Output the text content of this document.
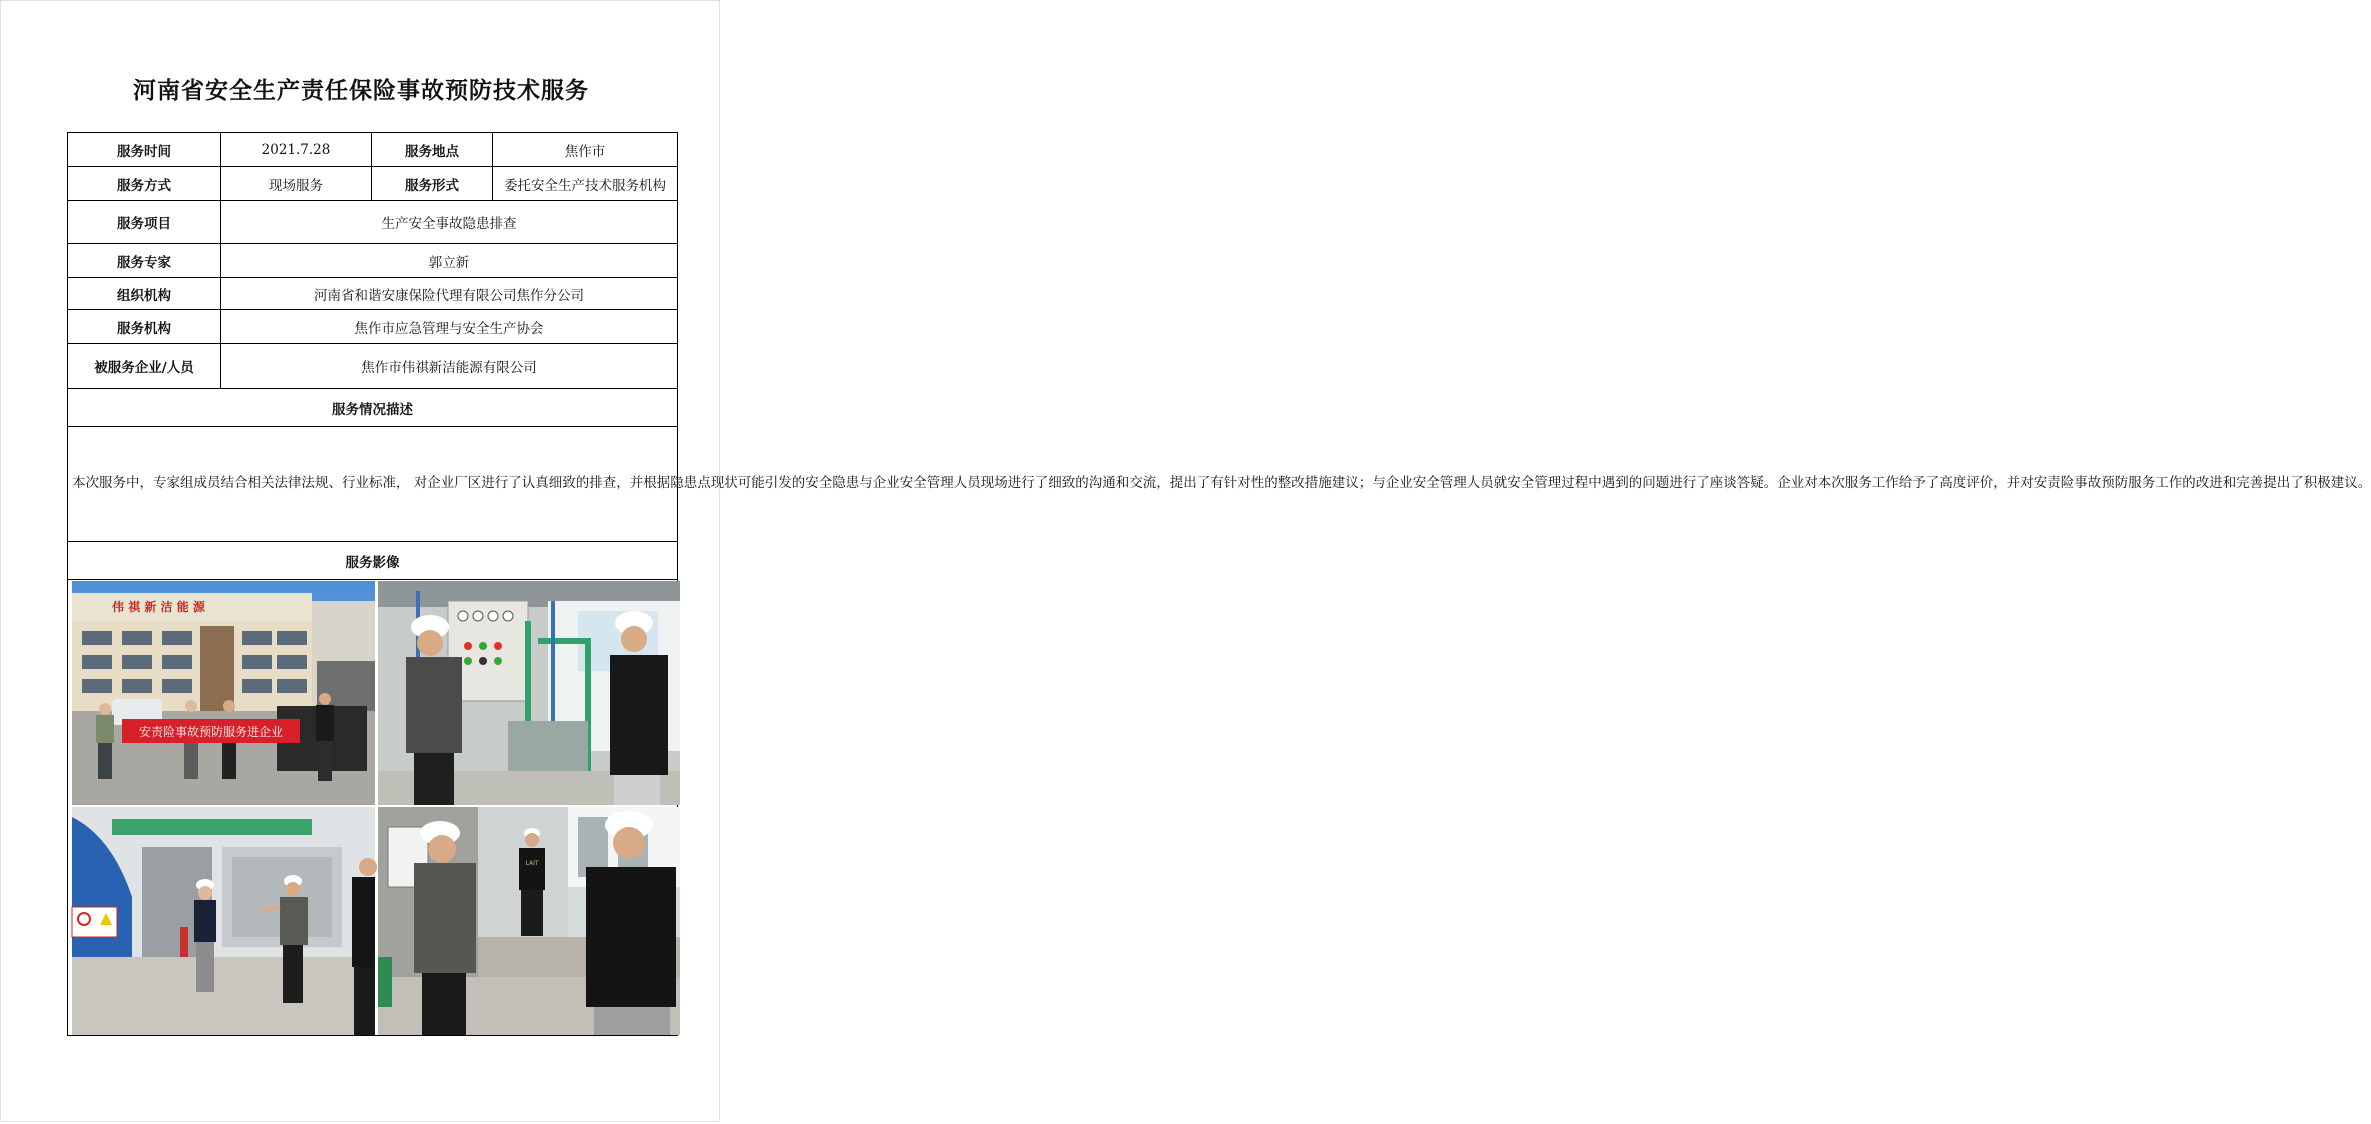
河南省安全生产责任保险事故预防技术服务
服务时间	2021.7.28	服务地点	焦作市
服务方式	现场服务	服务形式	委托安全生产技术服务机构
服务项目	生产安全事故隐患排查		
服务专家	郭立新		
组织机构	河南省和谐安康保险代理有限公司焦作分公司		
服务机构	焦作市应急管理与安全生产协会		
被服务企业/人员	焦作市伟祺新洁能源有限公司		
服务情况描述			
本次服务中，专家组成员结合相关法律法规、行业标准， 对企业厂区进行了认真细致的排查，并根据隐患点现状可能引发的安全隐患与企业安全管理人员现场进行了细致的沟通和交流，提出了有针对性的整改措施建议；与企业安全管理人员就安全管理过程中遇到的问题进行了座谈答疑。企业对本次服务工作给予了高度评价，并对安责险事故预防服务工作的改进和完善提出了积极建议。			
服务影像			

伟 祺 新 洁 能 源
安责险事故预防服务进企业
LAIT			
